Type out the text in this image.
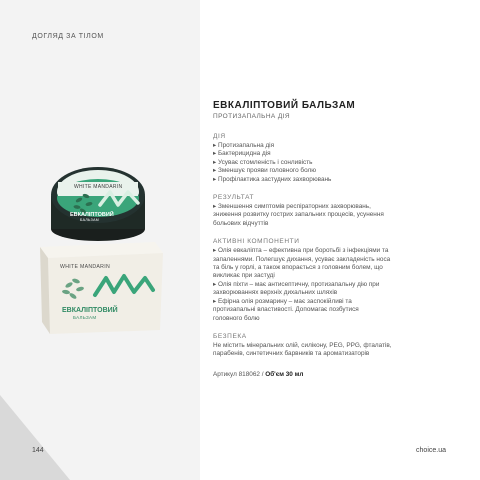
ДОГЛЯД ЗА ТІЛОМ
WHITE MANDARIN
ЕВКАЛІПТОВИЙ
БАЛЬЗАМ
WHITE MANDARIN
ЕВКАЛІПТОВИЙ
БАЛЬЗАМ
ЕВКАЛІПТОВИЙ БАЛЬЗАМ
ПРОТИЗАПАЛЬНА ДІЯ
ДІЯ
▸ Протизапальна дія
▸ Бактерицидна дія
▸ Усуває стомленість і сонливість
▸ Зменшує прояви головного болю
▸ Профілактика застудних захворювань
РЕЗУЛЬТАТ
▸ Зменшення симптомів респіраторних захворювань,
зниження розвитку гострих запальних процесів, усунення
больових відчуттів
АКТИВНІ КОМПОНЕНТИ
▸ Олія евкаліпта – ефективна при боротьбі з інфекціями та
запаленнями. Полегшує дихання, усуває закладеність носа
та біль у горлі, а також впорається з головним болем, що
викликає при застуді
▸ Олія піхти – має антисептичну, протизапальну дію при
захворюваннях верхніх дихальних шляхів
▸ Ефірна олія розмарину – має заспокійливі та
протизапальні властивості. Допомагає позбутися
головного болю
БЕЗПЕКА
Не містить мінеральних олій, силікону, PEG, PPG, фталатів,
парабенів, синтетичних барвників та ароматизаторів
Артикул 818062 / Об'єм 30 мл
144	choice.ua
